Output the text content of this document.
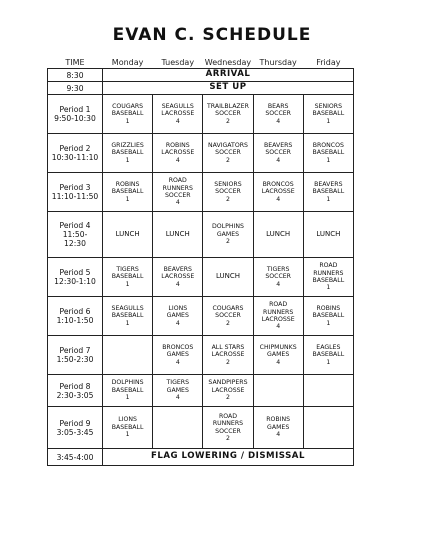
EVAN C. SCHEDULE
TIME	Monday	Tuesday	Wednesday	Thursday	Friday
8:30	ARRIVAL				
9:30	SET UP				

Period 1
9:50-10:30	COUGARS
BASEBALL
1	SEAGULLS
LACROSSE
4	TRAILBLAZER
SOCCER
2	BEARS
SOCCER
4	SENIORS
BASEBALL
1

Period 2
10:30-11:10	GRIZZLIES
BASEBALL
1	ROBINS
LACROSSE
4	NAVIGATORS
SOCCER
2	BEAVERS
SOCCER
4	BRONCOS
BASEBALL
1

Period 3
11:10-11:50	ROBINS
BASEBALL
1	ROAD
RUNNERS
SOCCER
4	SENIORS
SOCCER
2	BRONCOS
LACROSSE
4	BEAVERS
BASEBALL
1

Period 4
11:50-
12:30	LUNCH	LUNCH	DOLPHINS
GAMES
2	LUNCH	LUNCH

Period 5
12:30-1:10	TIGERS
BASEBALL
1	BEAVERS
LACROSSE
4	LUNCH	TIGERS
SOCCER
4	ROAD
RUNNERS
BASEBALL
1

Period 6
1:10-1:50	SEAGULLS
BASEBALL
1	LIONS
GAMES
4	COUGARS
SOCCER
2	ROAD
RUNNERS
LACROSSE
4	ROBINS
BASEBALL
1

Period 7
1:50-2:30		BRONCOS
GAMES
4	ALL STARS
LACROSSE
2	CHIPMUNKS
GAMES
4	EAGLES
BASEBALL
1

Period 8
2:30-3:05	DOLPHINS
BASEBALL
1	TIGERS
GAMES
4	SANDPIPERS
LACROSSE
2		

Period 9
3:05-3:45	LIONS
BASEBALL
1		ROAD
RUNNERS
SOCCER
2	ROBINS
GAMES
4	

3:45-4:00	FLAG LOWERING / DISMISSAL				
